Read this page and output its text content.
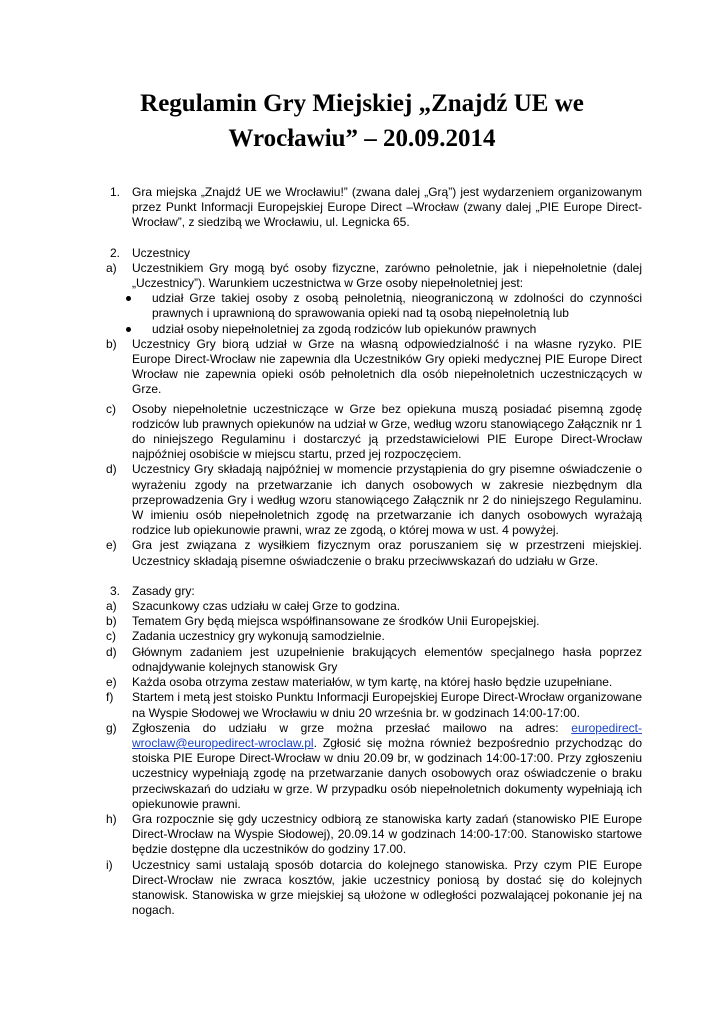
Regulamin Gry Miejskiej „Znajdź UE we
Wrocławiu” – 20.09.2014
1. Gra miejska „Znajdź UE we Wrocławiu!” (zwana dalej „Grą”) jest wydarzeniem organizowanym przez Punkt Informacji Europejskiej Europe Direct –Wrocław (zwany dalej „PIE Europe Direct-Wrocław”, z siedzibą we Wrocławiu, ul. Legnicka 65.
2. Uczestnicy
a) Uczestnikiem Gry mogą być osoby fizyczne, zarówno pełnoletnie, jak i niepełnoletnie (dalej „Uczestnicy”). Warunkiem uczestnictwa w Grze osoby niepełnoletniej jest:
udział Grze takiej osoby z osobą pełnoletnią, nieograniczoną w zdolności do czynności prawnych i uprawnioną do sprawowania opieki nad tą osobą niepełnoletnią lub
udział osoby niepełnoletniej za zgodą rodziców lub opiekunów prawnych
b) Uczestnicy Gry biorą udział w Grze na własną odpowiedzialność i na własne ryzyko. PIE Europe Direct-Wrocław nie zapewnia dla Uczestników Gry opieki medycznej PIE Europe Direct Wrocław nie zapewnia opieki osób pełnoletnich dla osób niepełnoletnich uczestniczących w Grze.
c) Osoby niepełnoletnie uczestniczące w Grze bez opiekuna muszą posiadać pisemną zgodę rodziców lub prawnych opiekunów na udział w Grze, według wzoru stanowiącego Załącznik nr 1 do niniejszego Regulaminu i dostarczyć ją przedstawicielowi PIE Europe Direct-Wrocław najpóźniej osobiście w miejscu startu, przed jej rozpoczęciem.
d) Uczestnicy Gry składają najpóźniej w momencie przystąpienia do gry pisemne oświadczenie o wyrażeniu zgody na przetwarzanie ich danych osobowych w zakresie niezbędnym dla przeprowadzenia Gry i według wzoru stanowiącego Załącznik nr 2 do niniejszego Regulaminu. W imieniu osób niepełnoletnich zgodę na przetwarzanie ich danych osobowych wyrażają rodzice lub opiekunowie prawni, wraz ze zgodą, o której mowa w ust. 4 powyżej.
e) Gra jest związana z wysiłkiem fizycznym oraz poruszaniem się w przestrzeni miejskiej. Uczestnicy składają pisemne oświadczenie o braku przeciwwskazań do udziału w Grze.
3. Zasady gry:
a) Szacunkowy czas udziału w całej Grze to godzina.
b) Tematem Gry będą miejsca współfinansowane ze środków Unii Europejskiej.
c) Zadania uczestnicy gry wykonują samodzielnie.
d) Głównym zadaniem jest uzupełnienie brakujących elementów specjalnego hasła poprzez odnajdywanie kolejnych stanowisk Gry
e) Każda osoba otrzyma zestaw materiałów, w tym kartę, na której hasło będzie uzupełniane.
f) Startem i metą jest stoisko Punktu Informacji Europejskiej Europe Direct-Wrocław organizowane na Wyspie Słodowej we Wrocławiu w dniu 20 września br. w godzinach 14:00-17:00.
g) Zgłoszenia do udziału w grze można przesłać mailowo na adres: europedirect-wroclaw@europedirect-wroclaw.pl. Zgłosić się można również bezpośrednio przychodząc do stoiska PIE Europe Direct-Wrocław w dniu 20.09 br, w godzinach 14:00-17:00. Przy zgłoszeniu uczestnicy wypełniają zgodę na przetwarzanie danych osobowych oraz oświadczenie o braku przeciwskazań do udziału w grze. W przypadku osób niepełnoletnich dokumenty wypełniają ich opiekunowie prawni.
h) Gra rozpocznie się gdy uczestnicy odbiorą ze stanowiska karty zadań (stanowisko PIE Europe Direct-Wrocław na Wyspie Słodowej), 20.09.14 w godzinach 14:00-17:00. Stanowisko startowe będzie dostępne dla uczestników do godziny 17.00.
i) Uczestnicy sami ustalają sposób dotarcia do kolejnego stanowiska. Przy czym PIE Europe Direct-Wrocław nie zwraca kosztów, jakie uczestnicy poniosą by dostać się do kolejnych stanowisk. Stanowiska w grze miejskiej są ułożone w odległości pozwalającej pokonanie jej na nogach.
